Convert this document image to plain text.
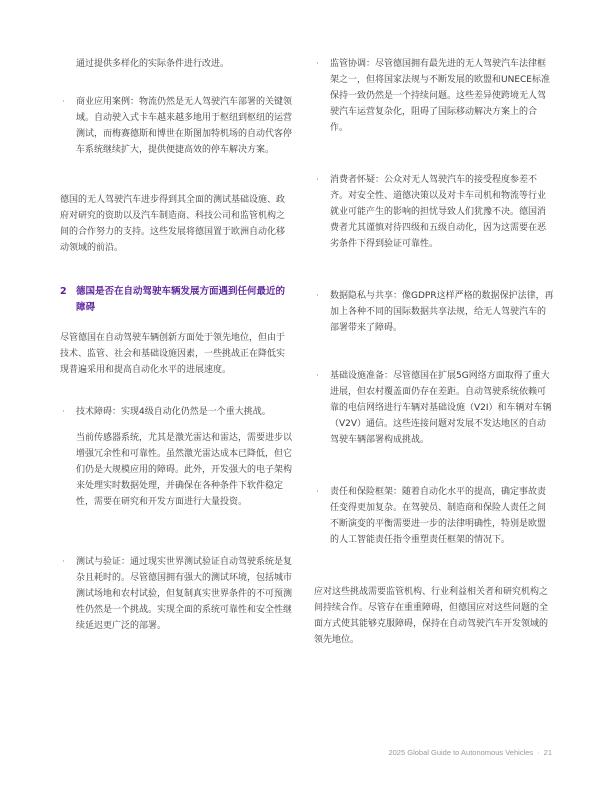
通过提供多样化的实际条件进行改进。

· 商业应用案例：物流仍然是无人驾驶汽车部署的关键领域。自动驶入式卡车越来越多地用于枢纽到枢纽的运营测试，而梅赛德斯和博世在斯图加特机场的自动代客停车系统继续扩大，提供便捷高效的停车解决方案。

德国的无人驾驶汽车进步得到其全面的测试基础设施、政府对研究的资助以及汽车制造商、科技公司和监管机构之间的合作努力的支持。这些发展将德国置于欧洲自动化移动领域的前沿。

2 德国是否在自动驾驶车辆发展方面遇到任何最近的障碍

尽管德国在自动驾驶车辆创新方面处于领先地位，但由于技术、监管、社会和基础设施因素，一些挑战正在降低实现普遍采用和提高自动化水平的进展速度。

· 技术障碍：实现4级自动化仍然是一个重大挑战。

当前传感器系统，尤其是激光雷达和雷达，需要进步以增强冗余性和可靠性。虽然激光雷达成本已降低，但它们仍是大规模应用的障碍。此外，开发强大的电子架构来处理实时数据处理，并确保在各种条件下软件稳定性，需要在研究和开发方面进行大量投资。

· 测试与验证：通过现实世界测试验证自动驾驶系统是复杂且耗时的。尽管德国拥有强大的测试环境，包括城市测试场地和农村试验，但复制真实世界条件的不可预测性仍然是一个挑战。实现全面的系统可靠性和安全性继续延迟更广泛的部署。

· 监管协调：尽管德国拥有最先进的无人驾驶汽车法律框架之一，但将国家法规与不断发展的欧盟和UNECE标准保持一致仍然是一个持续问题。这些差异使跨境无人驾驶汽车运营复杂化，阻碍了国际移动解决方案上的合作。

· 消费者怀疑：公众对无人驾驶汽车的接受程度参差不齐。对安全性、道德决策以及对卡车司机和物流等行业就业可能产生的影响的担忧导致人们犹豫不决。德国消费者尤其谨慎对待四级和五级自动化，因为这需要在恶劣条件下得到验证可靠性。

· 数据隐私与共享：像GDPR这样严格的数据保护法律，再加上各种不同的国际数据共享法规，给无人驾驶汽车的部署带来了障碍。

· 基础设施准备：尽管德国在扩展5G网络方面取得了重大进展，但农村覆盖面仍存在差距。自动驾驶系统依赖可靠的电信网络进行车辆对基础设施（V2I）和车辆对车辆（V2V）通信。这些连接问题对发展不发达地区的自动驾驶车辆部署构成挑战。

· 责任和保险框架：随着自动化水平的提高，确定事故责任变得更加复杂。在驾驶员、制造商和保险人责任之间不断演变的平衡需要进一步的法律明确性，特别是欧盟的人工智能责任指令重塑责任框架的情况下。

应对这些挑战需要监管机构、行业利益相关者和研究机构之间持续合作。尽管存在重重障碍，但德国应对这些问题的全面方式使其能够克服障碍，保持在自动驾驶汽车开发领域的领先地位。

2025 Global Guide to Autonomous Vehicles · 21
